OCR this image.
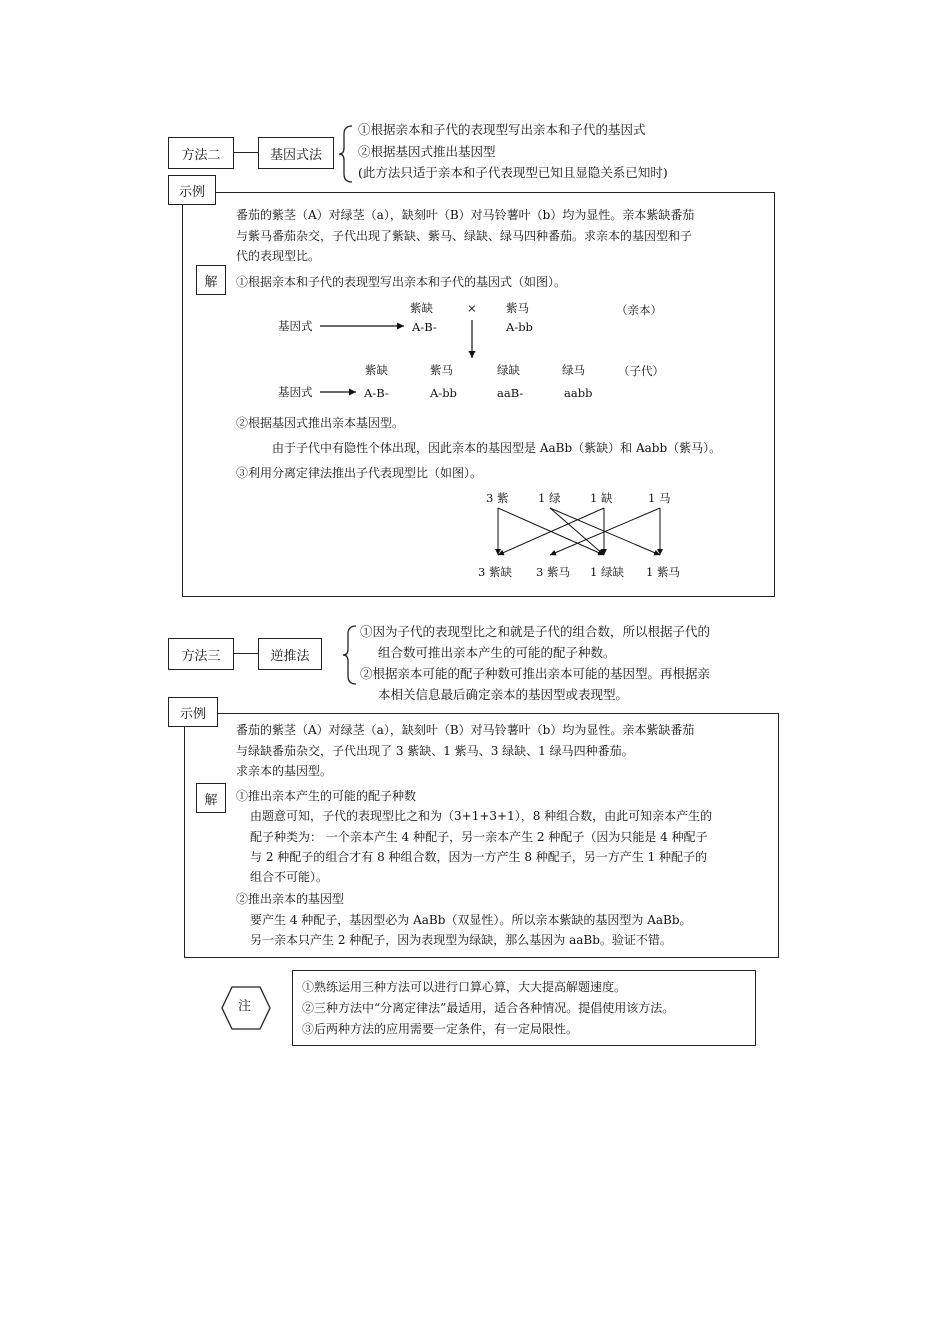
方法二	基因式法
①根据亲本和子代的表现型写出亲本和子代的基因式
②根据基因式推出基因型
(此方法只适于亲本和子代表现型已知且显隐关系已知时)
示例
番茄的紫茎（A）对绿茎（a），缺刻叶（B）对马铃薯叶（b）均为显性。亲本紫缺番茄
与紫马番茄杂交，子代出现了紫缺、紫马、绿缺、绿马四种番茄。求亲本的基因型和子
代的表现型比。
解	①根据亲本和子代的表现型写出亲本和子代的基因式（如图）。
紫缺	×	紫马	（亲本）
基因式	A-B-	A-bb
紫缺	紫马	绿缺	绿马	（子代）
基因式	A-B-	A-bb	aaB-	aabb
②根据基因式推出亲本基因型。
由于子代中有隐性个体出现，因此亲本的基因型是 AaBb（紫缺）和 Aabb（紫马）。
③利用分离定律法推出子代表现型比（如图）。
3 紫	1 绿	1 缺	1 马
3 紫缺 3 紫马 1 绿缺 1 紫马
方法三	逆推法
①因为子代的表现型比之和就是子代的组合数，所以根据子代的
组合数可推出亲本产生的可能的配子种数。
②根据亲本可能的配子种数可推出亲本可能的基因型。再根据亲
本相关信息最后确定亲本的基因型或表现型。
示例
番茄的紫茎（A）对绿茎（a），缺刻叶（B）对马铃薯叶（b）均为显性。亲本紫缺番茄
与绿缺番茄杂交，子代出现了 3 紫缺、1 紫马、3 绿缺、1 绿马四种番茄。
求亲本的基因型。
解	①推出亲本产生的可能的配子种数
由题意可知，子代的表现型比之和为（3+1+3+1），8 种组合数，由此可知亲本产生的
配子种类为： 一个亲本产生 4 种配子，另一亲本产生 2 种配子（因为只能是 4 种配子
与 2 种配子的组合才有 8 种组合数，因为一方产生 8 种配子，另一方产生 1 种配子的
组合不可能）。
②推出亲本的基因型
要产生 4 种配子，基因型必为 AaBb（双显性）。所以亲本紫缺的基因型为 AaBb。
另一亲本只产生 2 种配子，因为表现型为绿缺，那么基因为 aaBb。验证不错。
注
①熟练运用三种方法可以进行口算心算，大大提高解题速度。
②三种方法中“分离定律法”最适用，适合各种情况。提倡使用该方法。
③后两种方法的应用需要一定条件，有一定局限性。
